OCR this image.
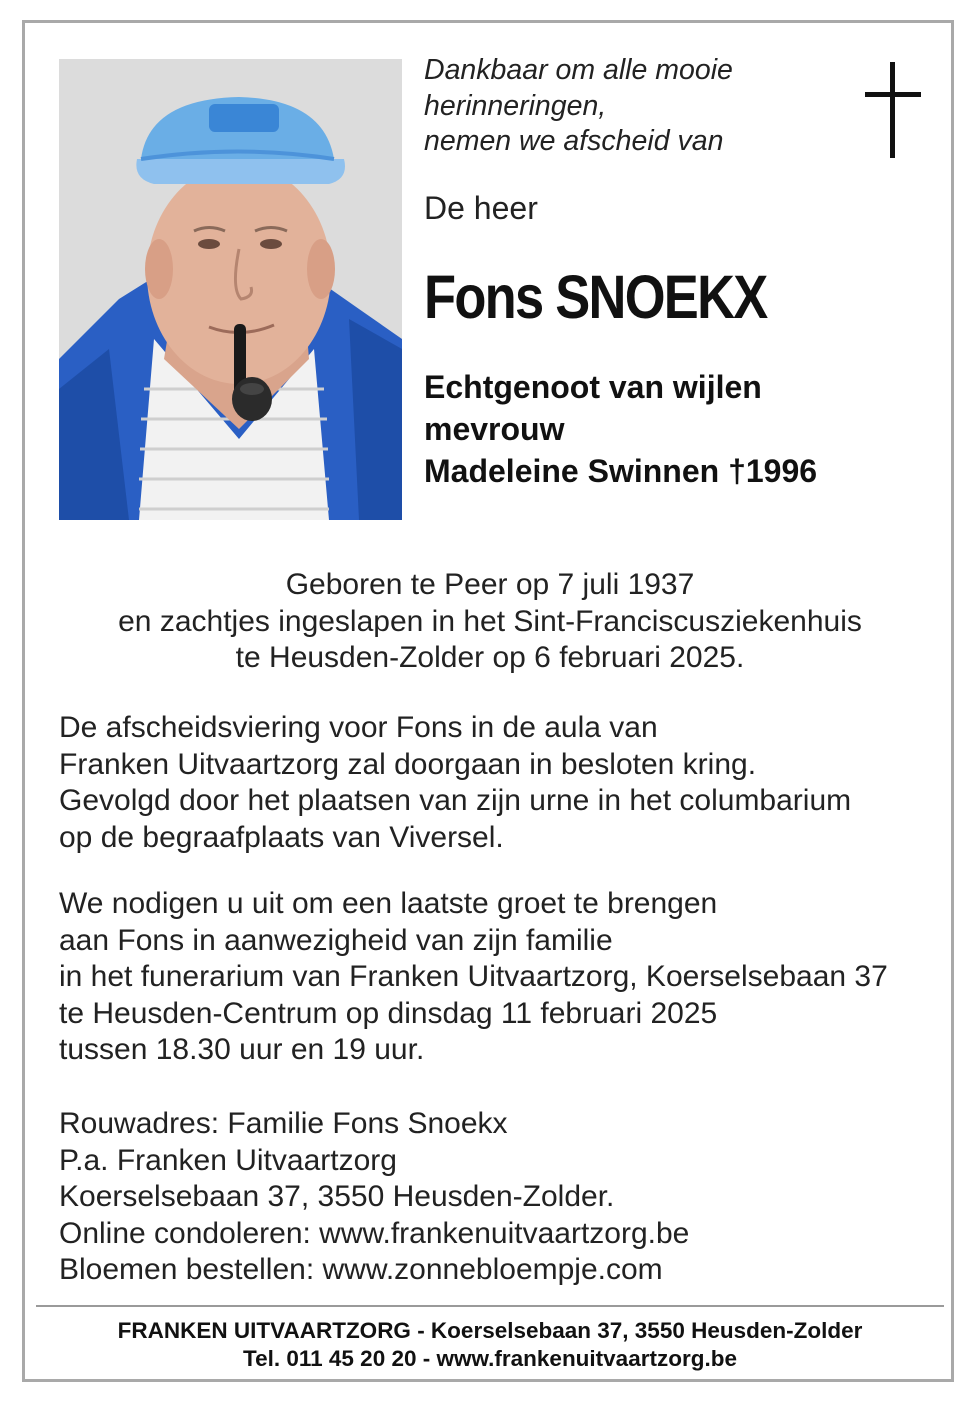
Dankbaar om alle mooie
herinneringen,
nemen we afscheid van
De heer
Fons SNOEKX
Echtgenoot van wijlen
mevrouw
Madeleine Swinnen †1996
Geboren te Peer op 7 juli 1937
en zachtjes ingeslapen in het Sint-Franciscusziekenhuis
te Heusden-Zolder op 6 februari 2025.
De afscheidsviering voor Fons in de aula van
Franken Uitvaartzorg zal doorgaan in besloten kring.
Gevolgd door het plaatsen van zijn urne in het columbarium
op de begraafplaats van Viversel.
We nodigen u uit om een laatste groet te brengen
aan Fons in aanwezigheid van zijn familie
in het funerarium van Franken Uitvaartzorg, Koerselsebaan 37
te Heusden-Centrum op dinsdag 11 februari 2025
tussen 18.30 uur en 19 uur.
Rouwadres: Familie Fons Snoekx
P.a. Franken Uitvaartzorg
Koerselsebaan 37, 3550 Heusden-Zolder.
Online condoleren: www.frankenuitvaartzorg.be
Bloemen bestellen: www.zonnebloempje.com
FRANKEN UITVAARTZORG - Koerselsebaan 37, 3550 Heusden-Zolder
Tel. 011 45 20 20 - www.frankenuitvaartzorg.be
